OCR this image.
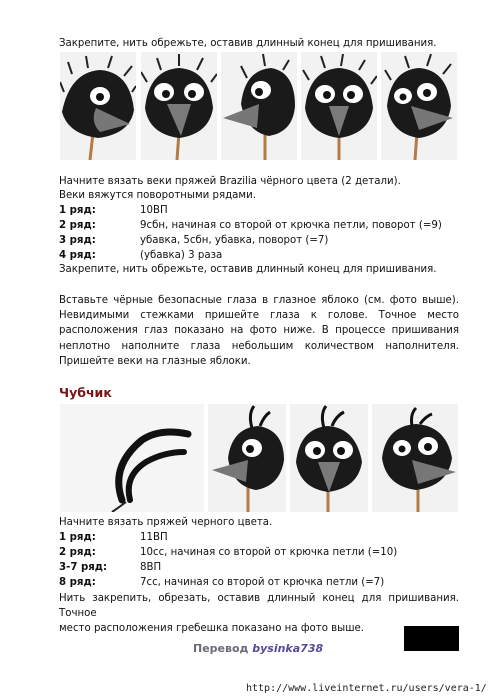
Закрепите, нить обрежьте, оставив длинный конец для пришивания.
Начните вязать веки пряжей Brazilia чёрного цвета (2 детали).
Веки вяжутся поворотными рядами.
1 ряд:	10ВП
2 ряд:	9сбн, начиная со второй от крючка петли, поворот (=9)
3 ряд:	убавка, 5сбн, убавка, поворот (=7)
4 ряд:	(убавка) 3 раза
Закрепите, нить обрежьте, оставив длинный конец для пришивания.
Вставьте чёрные безопасные глаза в глазное яблоко (см. фото выше).
Невидимыми стежками пришейте глаза к голове. Точное место
расположения глаз показано на фото ниже. В процессе пришивания
неплотно наполните глаза небольшим количеством наполнителя.
Пришейте веки на глазные яблоки.
Чубчик
Начните вязать пряжей черного цвета.
1 ряд:	11ВП
2 ряд:	10сс, начиная со второй от крючка петли (=10)
3-7 ряд:	8ВП
8 ряд:	7сс, начиная со второй от крючка петли (=7)
Нить закрепить, обрезать, оставив длинный конец для пришивания. Точное
место расположения гребешка показано на фото выше.
Перевод bysinka738
http://www.liveinternet.ru/users/vera-1/
